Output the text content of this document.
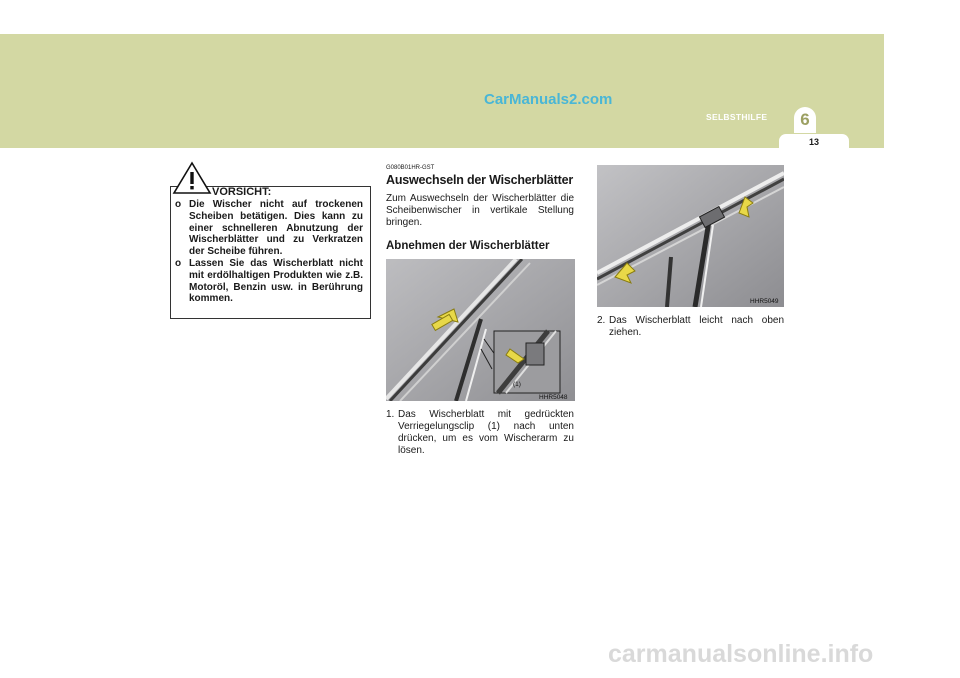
CarManuals2.com
6
SELBSTHILFE
13
VORSICHT:
o Die Wischer nicht auf trockenen Scheiben betätigen. Dies kann zu einer schnelleren Abnutzung der Wischerblätter und zu Verkratzen der Scheibe führen.
o Lassen Sie das Wischerblatt nicht mit erdölhaltigen Produkten wie z.B. Motoröl, Benzin usw. in Berührung kommen.
G080B01HR-GST
Auswechseln der Wischerblätter

Zum Auswechseln der Wischerblätter die Scheibenwischer in vertikale Stellung bringen.

Abnehmen der Wischerblätter
(1)
HHR5048
1. Das Wischerblatt mit gedrückten Verriegelungsclip (1) nach unten drücken, um es vom Wischerarm zu lösen.
HHR5049
2. Das Wischerblatt leicht nach oben ziehen.
carmanualsonline.info
